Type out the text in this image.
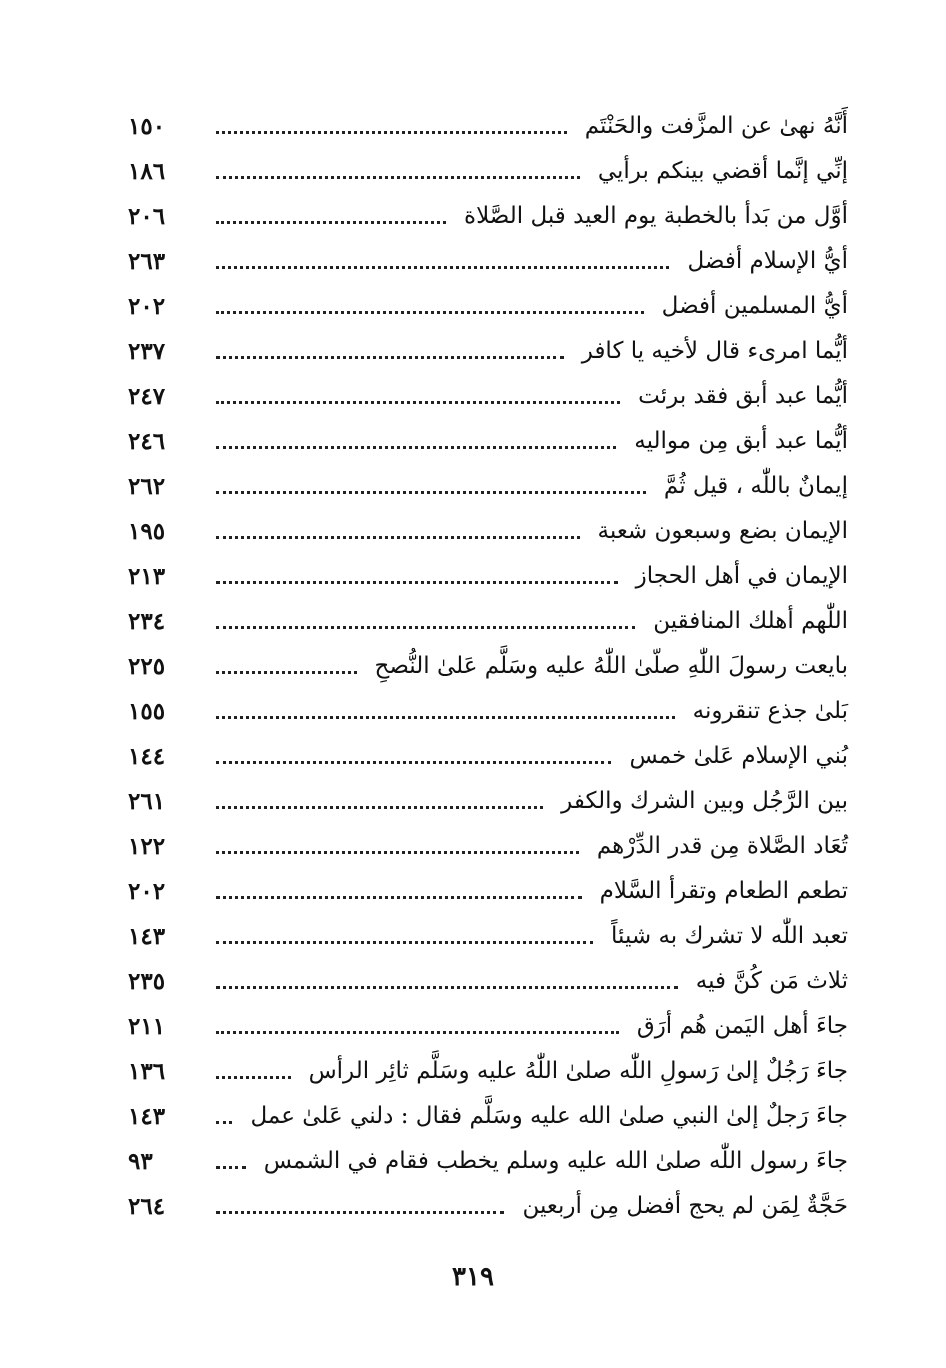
أَنَّهُ نهىٰ عن المزَّفت والحَنْتَم
١٥٠
إنِّي إنَّما أقضي بينكم برأيي
١٨٦
أوَّل من بَدأ بالخطبة يوم العيد قبل الصَّلاة
٢٠٦
أيُّ الإسلام أفضل
٢٦٣
أيُّ المسلمين أفضل
٢٠٢
أيُّما امرىء قال لأخيه يا كافر
٢٣٧
أيُّما عبد أبق فقد برئت
٢٤٧
أيُّما عبد أبق مِن مواليه
٢٤٦
إيمانٌ باللّٰه ، قيل ثُمَّ
٢٦٢
الإيمان بضع وسبعون شعبة
١٩٥
الإيمان في أهل الحجاز
٢١٣
اللّٰهم أهلك المنافقين
٢٣٤
بايعت رسولَ اللّٰهِ صلّىٰ اللّٰهُ عليه وسَلَّم عَلىٰ النُّصحِ
٢٢٥
بَلىٰ جذع تنقرونه
١٥٥
بُني الإسلام عَلىٰ خمس
١٤٤
بين الرَّجُل وبين الشرك والكفر
٢٦١
تُعَاد الصَّلاة مِن قدر الدِّرْهم
١٢٢
تطعم الطعام وتقرأ السَّلام
٢٠٢
تعبد اللّٰه لا تشرك به شيئاً
١٤٣
ثلاث مَن كُنَّ فيه
٢٣٥
جاءَ أهل اليَمن هُم أرَق
٢١١
جاءَ رَجُلٌ إلىٰ رَسولِ اللّٰه صلىٰ اللّٰهُ عليه وسَلَّم ثائِر الرأس
١٣٦
جاءَ رَجلٌ إلىٰ النبي صلىٰ الله عليه وسَلَّم فقال : دلني عَلىٰ عمل
١٤٣
جاءَ رسول اللّٰه صلىٰ الله عليه وسلم يخطب فقام في الشمس
٩٣
حَجَّةٌ لِمَن لم يحج أفضل مِن أربعين
٢٦٤
٣١٩
